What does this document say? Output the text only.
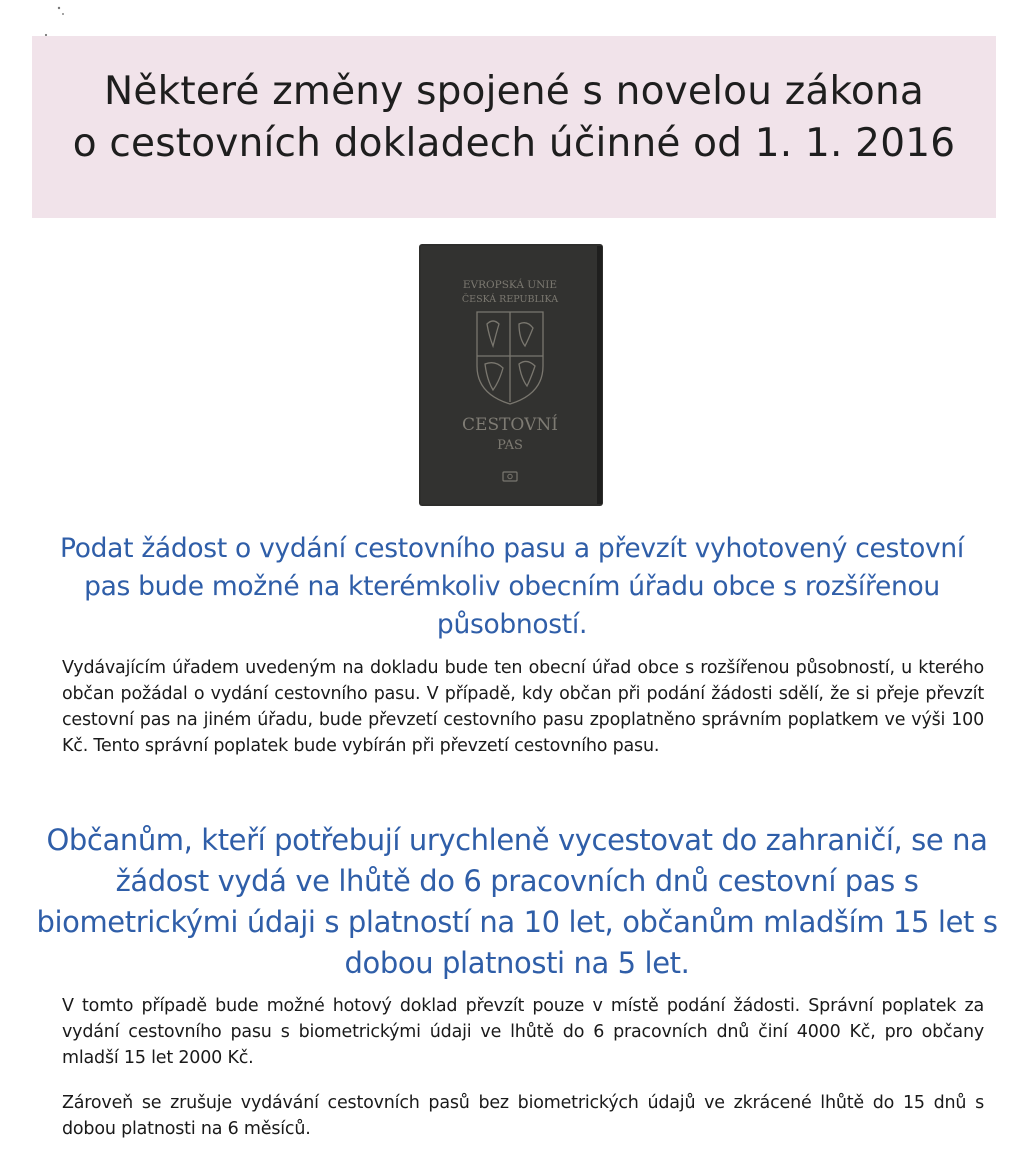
Některé změny spojené s novelou zákona
o cestovních dokladech účinné od 1. 1. 2016
EVROPSKÁ UNIE
ČESKÁ REPUBLIKA
CESTOVNÍ
PAS
Podat žádost o vydání cestovního pasu a převzít vyhotovený cestovní pas bude možné na kterémkoliv obecním úřadu obce s rozšířenou působností.
Vydávajícím úřadem uvedeným na dokladu bude ten obecní úřad obce s rozšířenou působností, u kterého občan požádal o vydání cestovního pasu. V případě, kdy občan při podání žádosti sdělí, že si přeje převzít cestovní pas na jiném úřadu, bude převzetí cestovního pasu zpoplatněno správním poplatkem ve výši 100 Kč. Tento správní poplatek bude vybírán při převzetí cestovního pasu.
Občanům, kteří potřebují urychleně vycestovat do zahraničí, se na žádost vydá ve lhůtě do 6 pracovních dnů cestovní pas s biometrickými údaji s platností na 10 let, občanům mladším 15 let s dobou platnosti na 5 let.
V tomto případě bude možné hotový doklad převzít pouze v místě podání žádosti. Správní poplatek za vydání cestovního pasu s biometrickými údaji ve lhůtě do 6 pracovních dnů činí 4000 Kč, pro občany mladší 15 let 2000 Kč.
Zároveň se zrušuje vydávání cestovních pasů bez biometrických údajů ve zkrácené lhůtě do 15 dnů s dobou platnosti na 6 měsíců.
